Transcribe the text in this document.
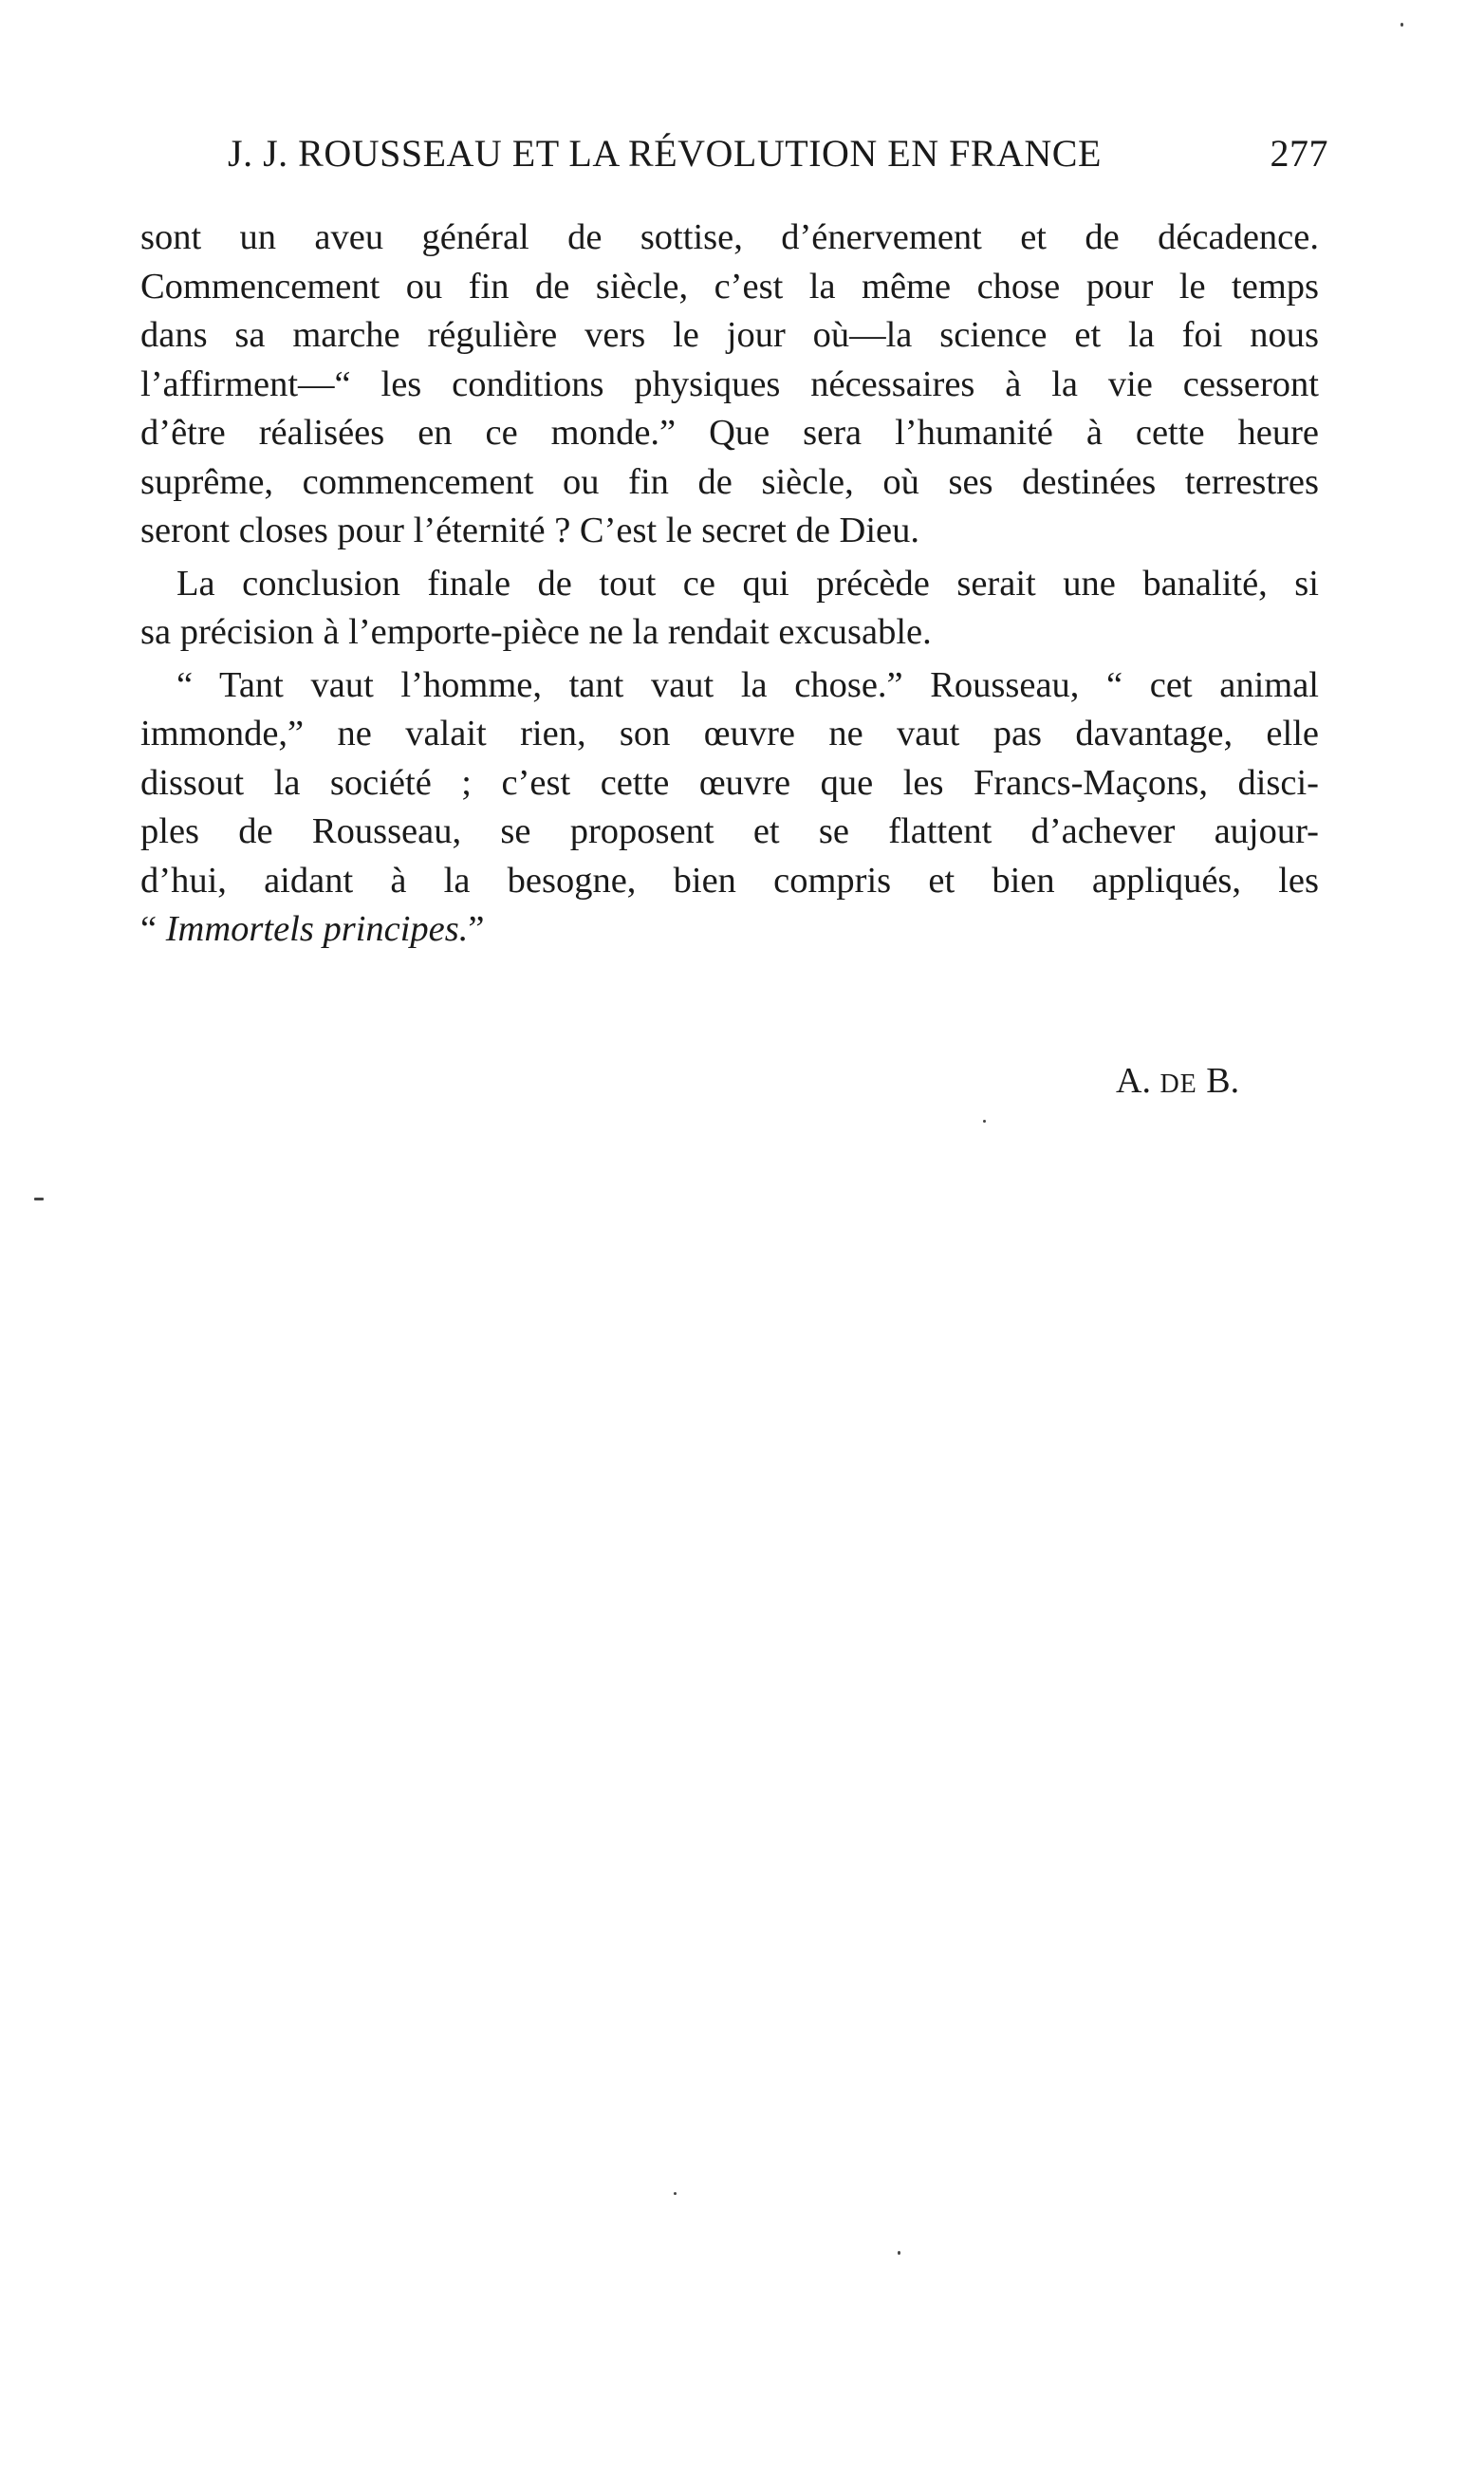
J. J. ROUSSEAU ET LA RÉVOLUTION EN FRANCE	277
sont un aveu général de sottise, d’énervement et de décadence.
Commencement ou fin de siècle, c’est la même chose pour le temps
dans sa marche régulière vers le jour où—la science et la foi nous
l’affirment—“ les conditions physiques nécessaires à la vie cesseront
d’être réalisées en ce monde.” Que sera l’humanité à cette heure
suprême, commencement ou fin de siècle, où ses destinées terrestres
seront closes pour l’éternité ? C’est le secret de Dieu.
La conclusion finale de tout ce qui précède serait une banalité, si
sa précision à l’emporte-pièce ne la rendait excusable.
“ Tant vaut l’homme, tant vaut la chose.” Rousseau, “ cet animal
immonde,” ne valait rien, son œuvre ne vaut pas davantage, elle
dissout la société ; c’est cette œuvre que les Francs-Maçons, disci-
ples de Rousseau, se proposent et se flattent d’achever aujour-
d’hui, aidant à la besogne, bien compris et bien appliqués, les
“ Immortels principes.”
A. DE B.
